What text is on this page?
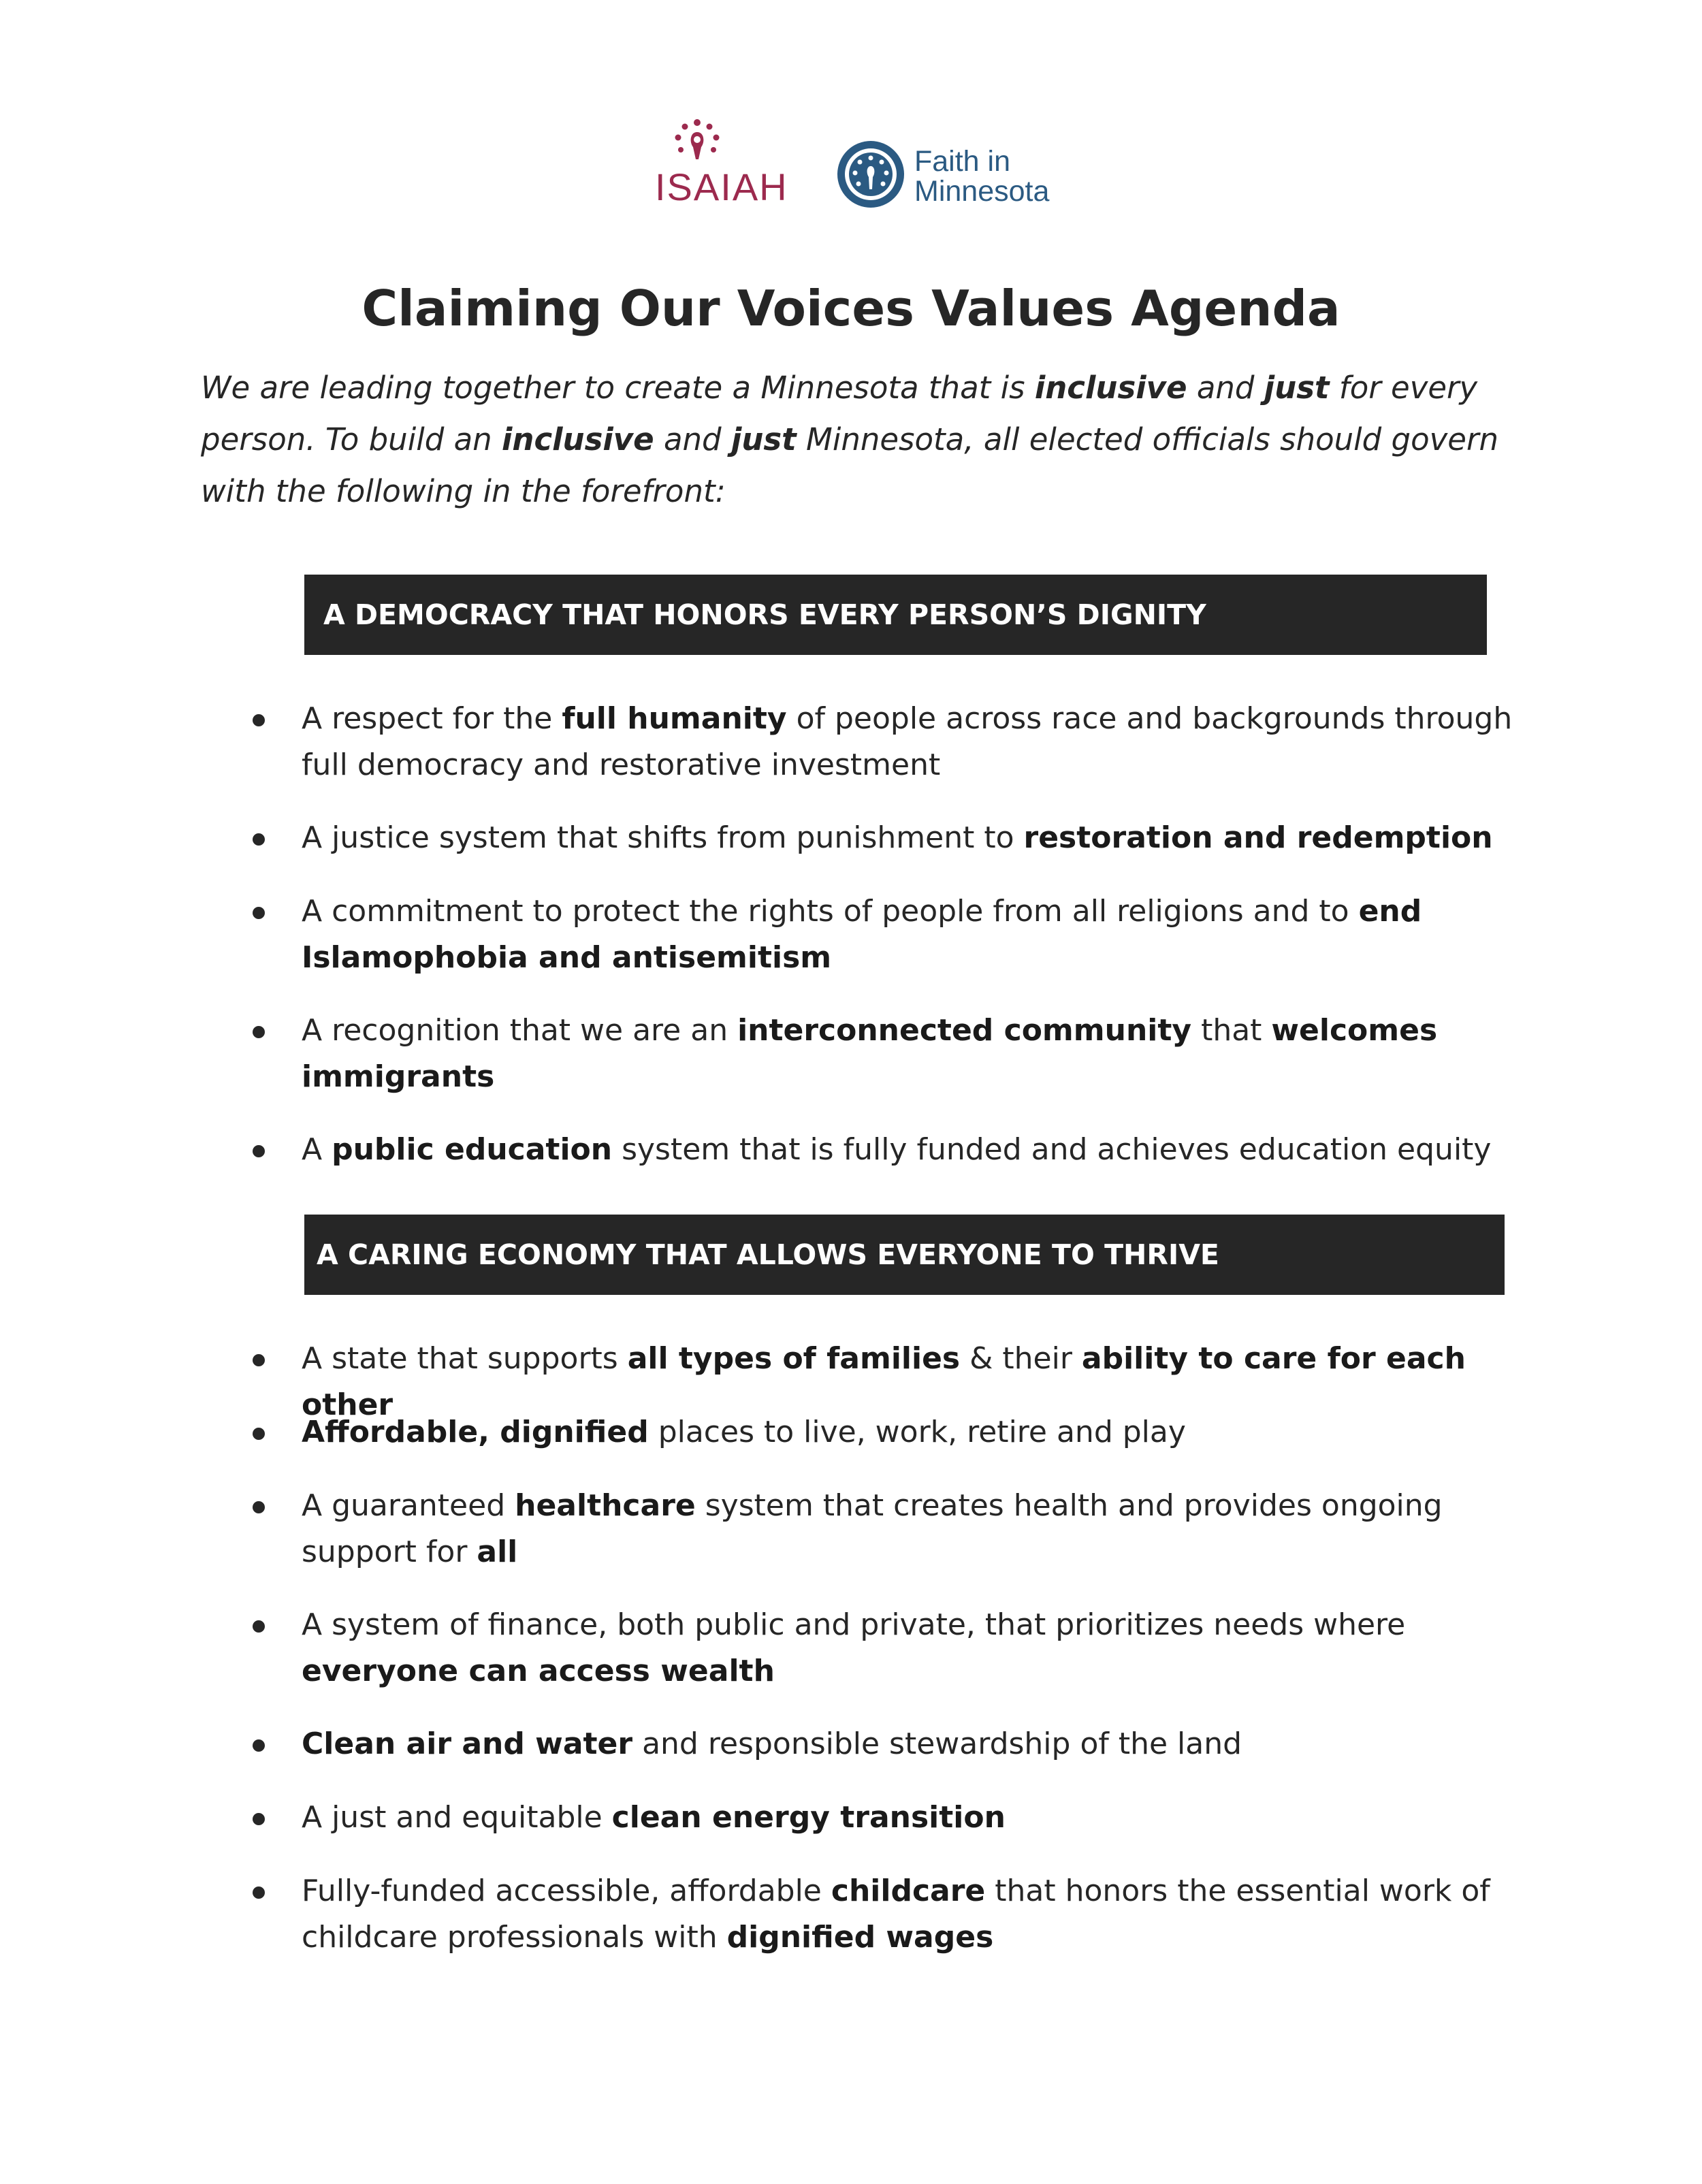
ISAIAH
Faith in
Minnesota
Claiming Our Voices Values Agenda

We are leading together to create a Minnesota that is inclusive and just for every person. To build an inclusive and just Minnesota, all elected officials should govern with the following in the forefront:

A DEMOCRACY THAT HONORS EVERY PERSON’S DIGNITY
A respect for the full humanity of people across race and backgrounds through full democracy and restorative investment
A justice system that shifts from punishment to restoration and redemption
A commitment to protect the rights of people from all religions and to end Islamophobia and antisemitism
A recognition that we are an interconnected community that welcomes immigrants
A public education system that is fully funded and achieves education equity
A CARING ECONOMY THAT ALLOWS EVERYONE TO THRIVE
A state that supports all types of families & their ability to care for each other
Affordable, dignified places to live, work, retire and play
A guaranteed healthcare system that creates health and provides ongoing support for all
A system of finance, both public and private, that prioritizes needs where everyone can access wealth
Clean air and water and responsible stewardship of the land
A just and equitable clean energy transition
Fully-funded accessible, affordable childcare that honors the essential work of childcare professionals with dignified wages
